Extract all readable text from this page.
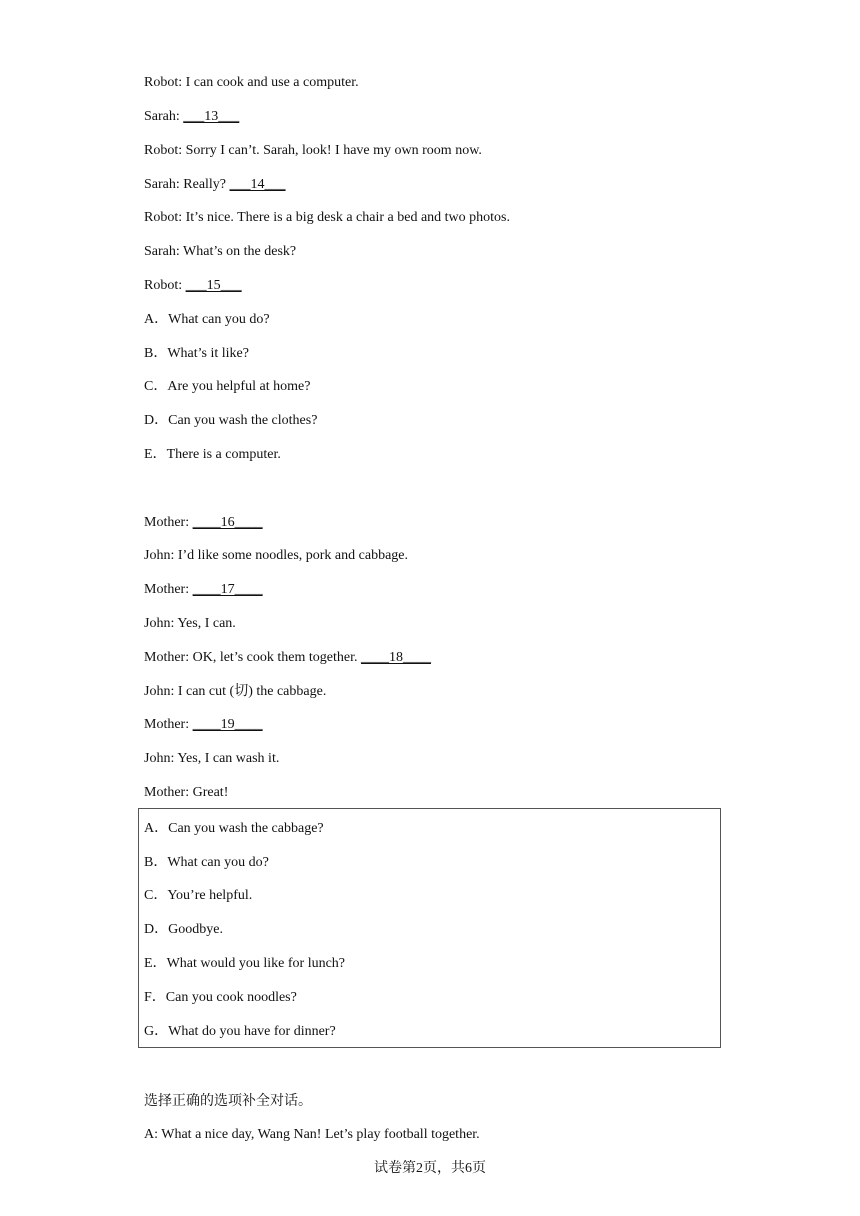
Robot: I can cook and use a computer.
Sarah: ___13___
Robot: Sorry I can’t. Sarah, look! I have my own room now.
Sarah: Really? ___14___
Robot: It’s nice. There is a big desk a chair a bed and two photos.
Sarah: What’s on the desk?
Robot: ___15___
A．What can you do?
B．What’s it like?
C．Are you helpful at home?
D．Can you wash the clothes?
E．There is a computer.
Mother: ____16____
John: I’d like some noodles, pork and cabbage.
Mother: ____17____
John: Yes, I can.
Mother: OK, let’s cook them together. ____18____
John: I can cut (切) the cabbage.
Mother: ____19____
John: Yes, I can wash it.
Mother: Great!
A．Can you wash the cabbage?
B．What can you do?
C．You’re helpful.
D．Goodbye.
E．What would you like for lunch?
F．Can you cook noodles?
G．What do you have for dinner?
选择正确的选项补全对话。
A: What a nice day, Wang Nan! Let’s play football together.
试卷第2页，共6页
